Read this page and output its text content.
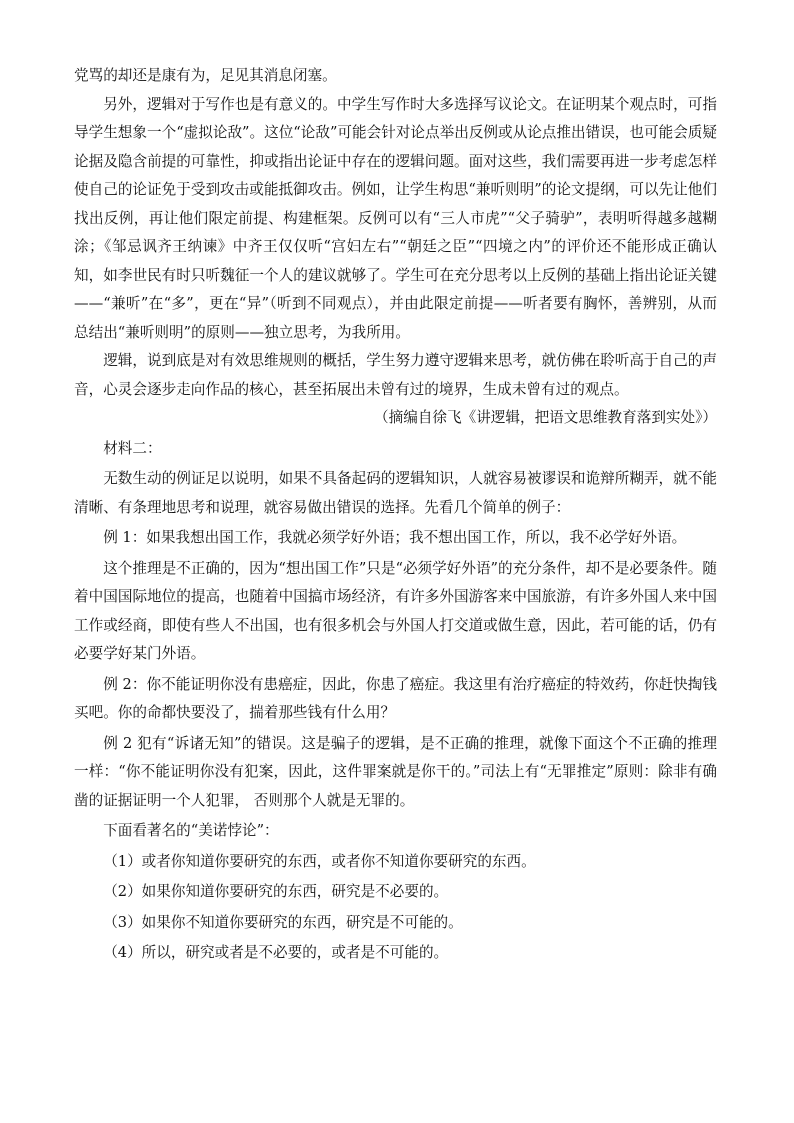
党骂的却还是康有为，足见其消息闭塞。

另外，逻辑对于写作也是有意义的。中学生写作时大多选择写议论文。在证明某个观点时，可指导学生想象一个“虚拟论敌”。这位“论敌”可能会针对论点举出反例或从论点推出错误，也可能会质疑论据及隐含前提的可靠性，抑或指出论证中存在的逻辑问题。面对这些，我们需要再进一步考虑怎样使自己的论证免于受到攻击或能抵御攻击。例如，让学生构思“兼听则明”的论文提纲，可以先让他们找出反例，再让他们限定前提、构建框架。反例可以有“三人市虎”“父子骑驴”，表明听得越多越糊涂；《邹忌讽齐王纳谏》中齐王仅仅听“宫妇左右”“朝廷之臣”“四境之内”的评价还不能形成正确认知，如李世民有时只听魏征一个人的建议就够了。学生可在充分思考以上反例的基础上指出论证关键——“兼听”在“多”，更在“异”（听到不同观点），并由此限定前提——听者要有胸怀，善辨别，从而总结出“兼听则明”的原则——独立思考，为我所用。

逻辑，说到底是对有效思维规则的概括，学生努力遵守逻辑来思考，就仿佛在聆听高于自己的声音，心灵会逐步走向作品的核心，甚至拓展出未曾有过的境界，生成未曾有过的观点。

（摘编自徐飞《讲逻辑，把语文思维教育落到实处》）

材料二：

无数生动的例证足以说明，如果不具备起码的逻辑知识，人就容易被谬误和诡辩所糊弄，就不能清晰、有条理地思考和说理，就容易做出错误的选择。先看几个简单的例子：

例 1：如果我想出国工作，我就必须学好外语；我不想出国工作，所以，我不必学好外语。

这个推理是不正确的，因为“想出国工作”只是“必须学好外语”的充分条件，却不是必要条件。随着中国国际地位的提高，也随着中国搞市场经济，有许多外国游客来中国旅游，有许多外国人来中国工作或经商，即使有些人不出国，也有很多机会与外国人打交道或做生意，因此，若可能的话，仍有必要学好某门外语。

例 2：你不能证明你没有患癌症，因此，你患了癌症。我这里有治疗癌症的特效药，你赶快掏钱买吧。你的命都快要没了，揣着那些钱有什么用？

例 2 犯有“诉诸无知”的错误。这是骗子的逻辑，是不正确的推理，就像下面这个不正确的推理一样：“你不能证明你没有犯案，因此，这件罪案就是你干的。”司法上有“无罪推定”原则：除非有确凿的证据证明一个人犯罪， 否则那个人就是无罪的。

下面看著名的“美诺悖论”：

（1）或者你知道你要研究的东西，或者你不知道你要研究的东西。

（2）如果你知道你要研究的东西，研究是不必要的。

（3）如果你不知道你要研究的东西，研究是不可能的。

（4）所以，研究或者是不必要的，或者是不可能的。
